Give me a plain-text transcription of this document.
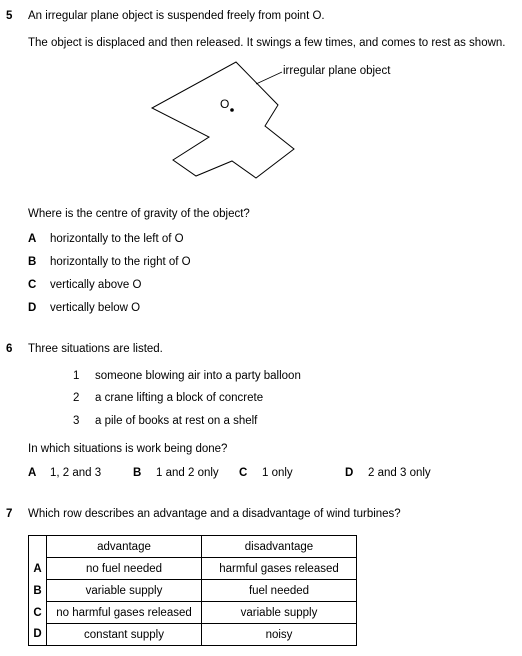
5 An irregular plane object is suspended freely from point O.
The object is displaced and then released. It swings a few times, and comes to rest as shown.
irregular plane object
O
Where is the centre of gravity of the object?
A horizontally to the left of O
B horizontally to the right of O
C vertically above O
D vertically below O
6 Three situations are listed.
1 someone blowing air into a party balloon
2 a crane lifting a block of concrete
3 a pile of books at rest on a shelf
In which situations is work being done?
A 1, 2 and 3	B 1 and 2 only C 1 only	D 2 and 3 only
7 Which row describes an advantage and a disadvantage of wind turbines?
	advantage	disadvantage
A	no fuel needed	harmful gases released
B	variable supply	fuel needed
C	no harmful gases released	variable supply
D	constant supply	noisy
